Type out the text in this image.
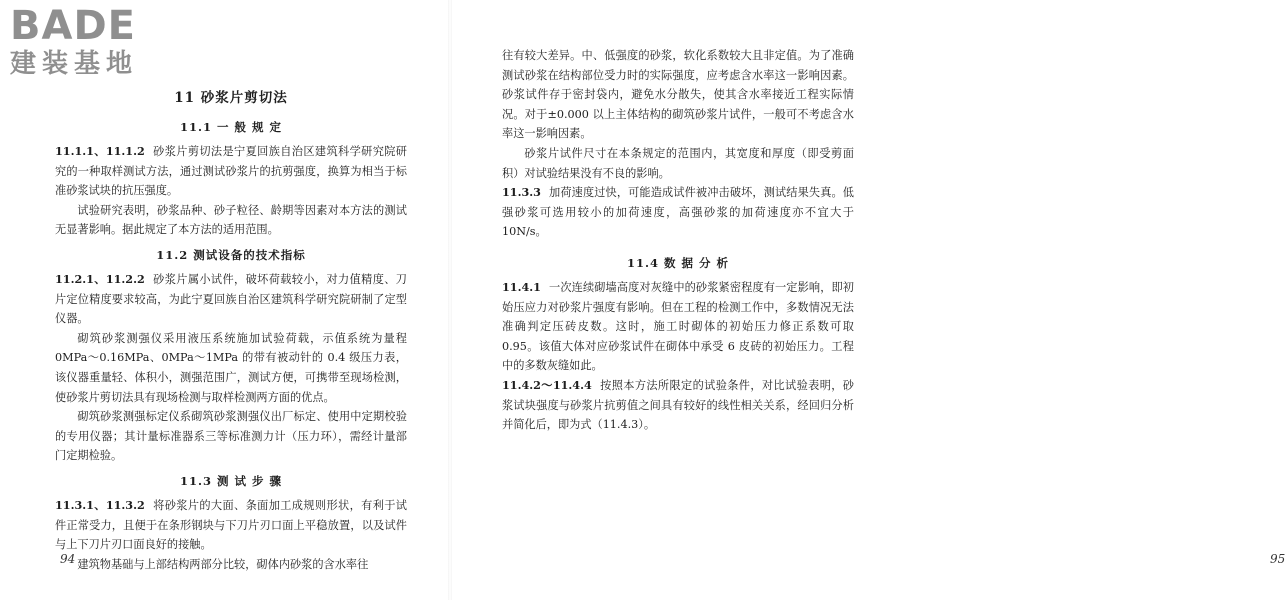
BADE
建装基地
11 砂浆片剪切法
11.1 一 般 规 定

11.1.1、11.1.2 砂浆片剪切法是宁夏回族自治区建筑科学研究院研究的一种取样测试方法，通过测试砂浆片的抗剪强度，换算为相当于标准砂浆试块的抗压强度。

试验研究表明，砂浆品种、砂子粒径、龄期等因素对本方法的测试无显著影响。据此规定了本方法的适用范围。

11.2 测试设备的技术指标

11.2.1、11.2.2 砂浆片属小试件，破坏荷载较小，对力值精度、刀片定位精度要求较高，为此宁夏回族自治区建筑科学研究院研制了定型仪器。

砌筑砂浆测强仪采用液压系统施加试验荷载，示值系统为量程 0MPa～0.16MPa、0MPa～1MPa 的带有被动针的 0.4 级压力表，该仪器重量轻、体积小，测强范围广，测试方便，可携带至现场检测，使砂浆片剪切法具有现场检测与取样检测两方面的优点。

砌筑砂浆测强标定仪系砌筑砂浆测强仪出厂标定、使用中定期校验的专用仪器；其计量标准器系三等标准测力计（压力环），需经计量部门定期检验。

11.3 测 试 步 骤

11.3.1、11.3.2 将砂浆片的大面、条面加工成规则形状，有利于试件正常受力，且便于在条形钢块与下刀片刃口面上平稳放置，以及试件与上下刀片刃口面良好的接触。

建筑物基础与上部结构两部分比较，砌体内砂浆的含水率往

94	95

往有较大差异。中、低强度的砂浆，软化系数较大且非定值。为了准确测试砂浆在结构部位受力时的实际强度，应考虑含水率这一影响因素。砂浆试件存于密封袋内，避免水分散失，使其含水率接近工程实际情况。对于±0.000 以上主体结构的砌筑砂浆片试件，一般可不考虑含水率这一影响因素。

砂浆片试件尺寸在本条规定的范围内，其宽度和厚度（即受剪面积）对试验结果没有不良的影响。

11.3.3 加荷速度过快，可能造成试件被冲击破坏，测试结果失真。低强砂浆可选用较小的加荷速度，高强砂浆的加荷速度亦不宜大于 10N/s。

11.4 数 据 分 析

11.4.1 一次连续砌墙高度对灰缝中的砂浆紧密程度有一定影响，即初始压应力对砂浆片强度有影响。但在工程的检测工作中，多数情况无法准确判定压砖皮数。这时，施工时砌体的初始压力修正系数可取 0.95。该值大体对应砂浆试件在砌体中承受 6 皮砖的初始压力。工程中的多数灰缝如此。

11.4.2～11.4.4 按照本方法所限定的试验条件，对比试验表明，砂浆试块强度与砂浆片抗剪值之间具有较好的线性相关关系，经回归分析并简化后，即为式（11.4.3）。
